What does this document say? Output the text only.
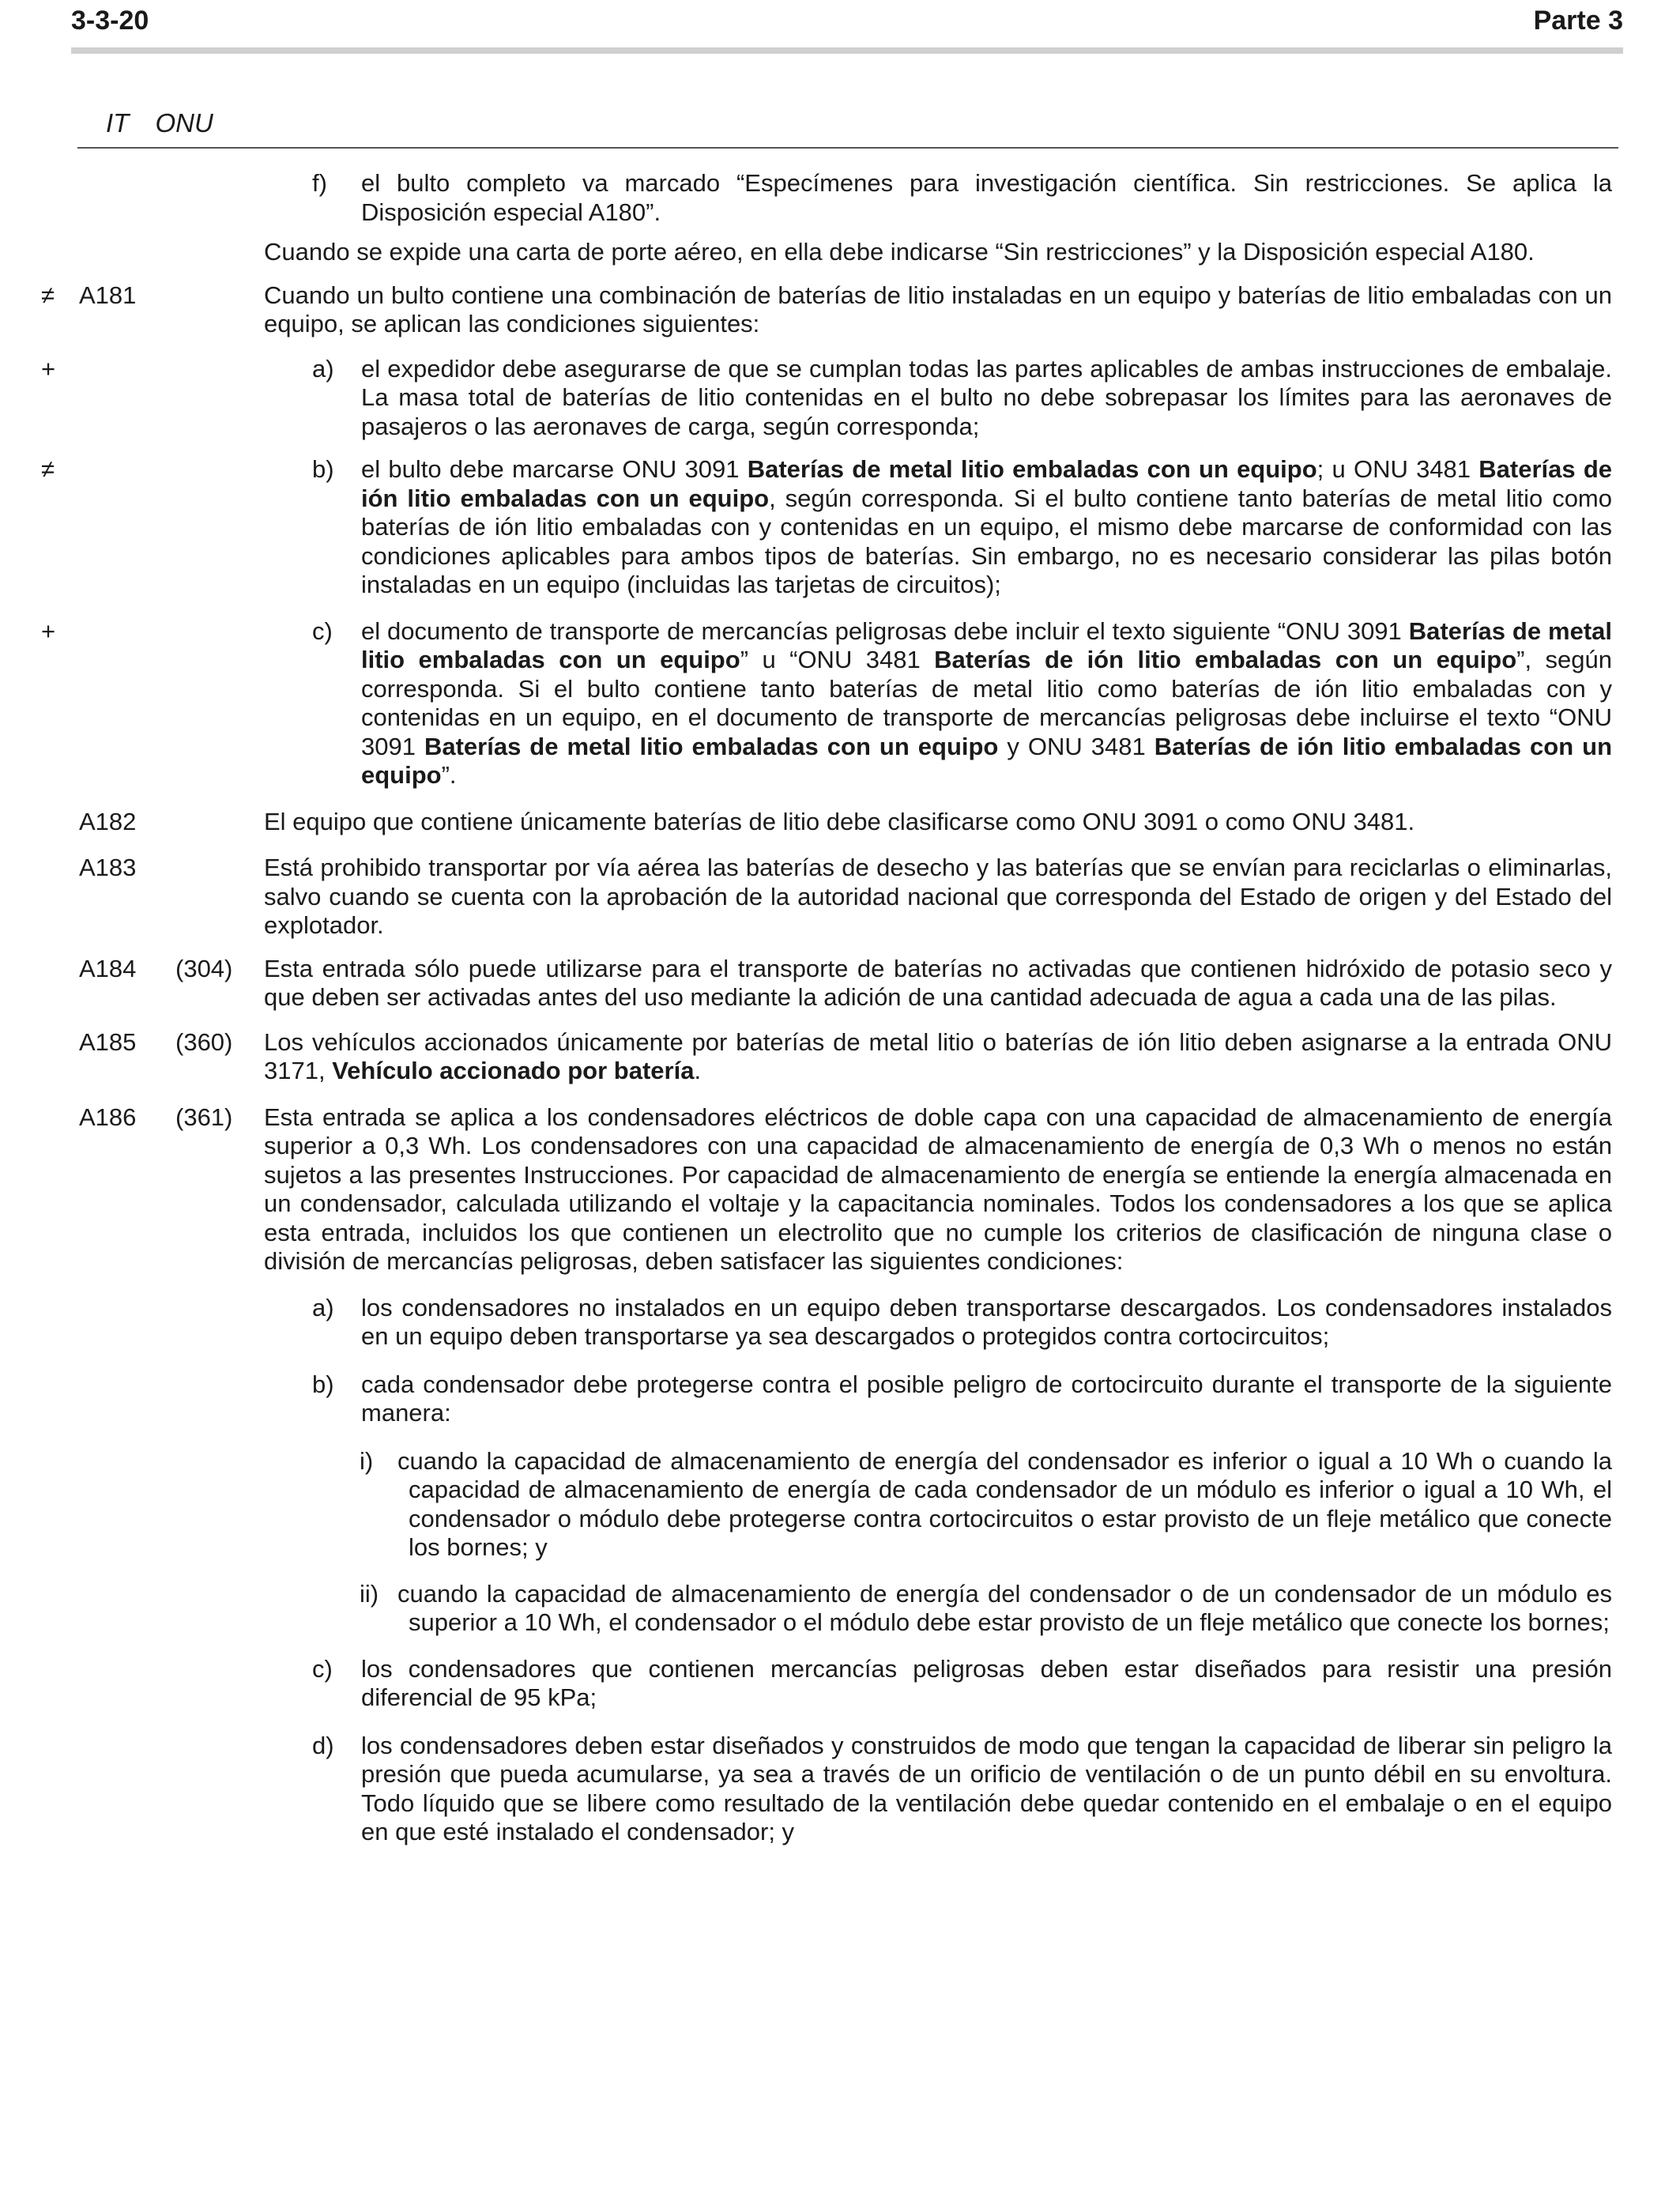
3-3-20	Parte 3
IT ONU
f) el bulto completo va marcado “Especímenes para investigación científica. Sin restricciones. Se aplica la Disposición especial A180”.
Cuando se expide una carta de porte aéreo, en ella debe indicarse “Sin restricciones” y la Disposición especial A180.
≠ A181	Cuando un bulto contiene una combinación de baterías de litio instaladas en un equipo y baterías de litio embaladas con un equipo, se aplican las condiciones siguientes:
+	a) el expedidor debe asegurarse de que se cumplan todas las partes aplicables de ambas instrucciones de embalaje. La masa total de baterías de litio contenidas en el bulto no debe sobrepasar los límites para las aeronaves de pasajeros o las aeronaves de carga, según corresponda;
≠	b) el bulto debe marcarse ONU 3091 Baterías de metal litio embaladas con un equipo; u ONU 3481 Baterías de ión litio embaladas con un equipo, según corresponda. Si el bulto contiene tanto baterías de metal litio como baterías de ión litio embaladas con y contenidas en un equipo, el mismo debe marcarse de conformidad con las condiciones aplicables para ambos tipos de baterías. Sin embargo, no es necesario considerar las pilas botón instaladas en un equipo (incluidas las tarjetas de circuitos);
+	c) el documento de transporte de mercancías peligrosas debe incluir el texto siguiente “ONU 3091 Baterías de metal litio embaladas con un equipo” u “ONU 3481 Baterías de ión litio embaladas con un equipo”, según corresponda. Si el bulto contiene tanto baterías de metal litio como baterías de ión litio embaladas con y contenidas en un equipo, en el documento de transporte de mercancías peligrosas debe incluirse el texto “ONU 3091 Baterías de metal litio embaladas con un equipo y ONU 3481 Baterías de ión litio embaladas con un equipo”.
A182	El equipo que contiene únicamente baterías de litio debe clasificarse como ONU 3091 o como ONU 3481.
A183	Está prohibido transportar por vía aérea las baterías de desecho y las baterías que se envían para reciclarlas o eliminarlas, salvo cuando se cuenta con la aprobación de la autoridad nacional que corresponda del Estado de origen y del Estado del explotador.
A184 (304) Esta entrada sólo puede utilizarse para el transporte de baterías no activadas que contienen hidróxido de potasio seco y que deben ser activadas antes del uso mediante la adición de una cantidad adecuada de agua a cada una de las pilas.
A185 (360) Los vehículos accionados únicamente por baterías de metal litio o baterías de ión litio deben asignarse a la entrada ONU 3171, Vehículo accionado por batería.
A186 (361) Esta entrada se aplica a los condensadores eléctricos de doble capa con una capacidad de almacenamiento de energía superior a 0,3 Wh. Los condensadores con una capacidad de almacenamiento de energía de 0,3 Wh o menos no están sujetos a las presentes Instrucciones. Por capacidad de almacenamiento de energía se entiende la energía almacenada en un condensador, calculada utilizando el voltaje y la capacitancia nominales. Todos los condensadores a los que se aplica esta entrada, incluidos los que contienen un electrolito que no cumple los criterios de clasificación de ninguna clase o división de mercancías peligrosas, deben satisfacer las siguientes condiciones:
a) los condensadores no instalados en un equipo deben transportarse descargados. Los condensadores instalados en un equipo deben transportarse ya sea descargados o protegidos contra cortocircuitos;
b) cada condensador debe protegerse contra el posible peligro de cortocircuito durante el transporte de la siguiente manera:
i) cuando la capacidad de almacenamiento de energía del condensador es inferior o igual a 10 Wh o cuando la capacidad de almacenamiento de energía de cada condensador de un módulo es inferior o igual a 10 Wh, el condensador o módulo debe protegerse contra cortocircuitos o estar provisto de un fleje metálico que conecte los bornes; y
ii) cuando la capacidad de almacenamiento de energía del condensador o de un condensador de un módulo es superior a 10 Wh, el condensador o el módulo debe estar provisto de un fleje metálico que conecte los bornes;
c) los condensadores que contienen mercancías peligrosas deben estar diseñados para resistir una presión diferencial de 95 kPa;
d) los condensadores deben estar diseñados y construidos de modo que tengan la capacidad de liberar sin peligro la presión que pueda acumularse, ya sea a través de un orificio de ventilación o de un punto débil en su envoltura. Todo líquido que se libere como resultado de la ventilación debe quedar contenido en el embalaje o en el equipo en que esté instalado el condensador; y
